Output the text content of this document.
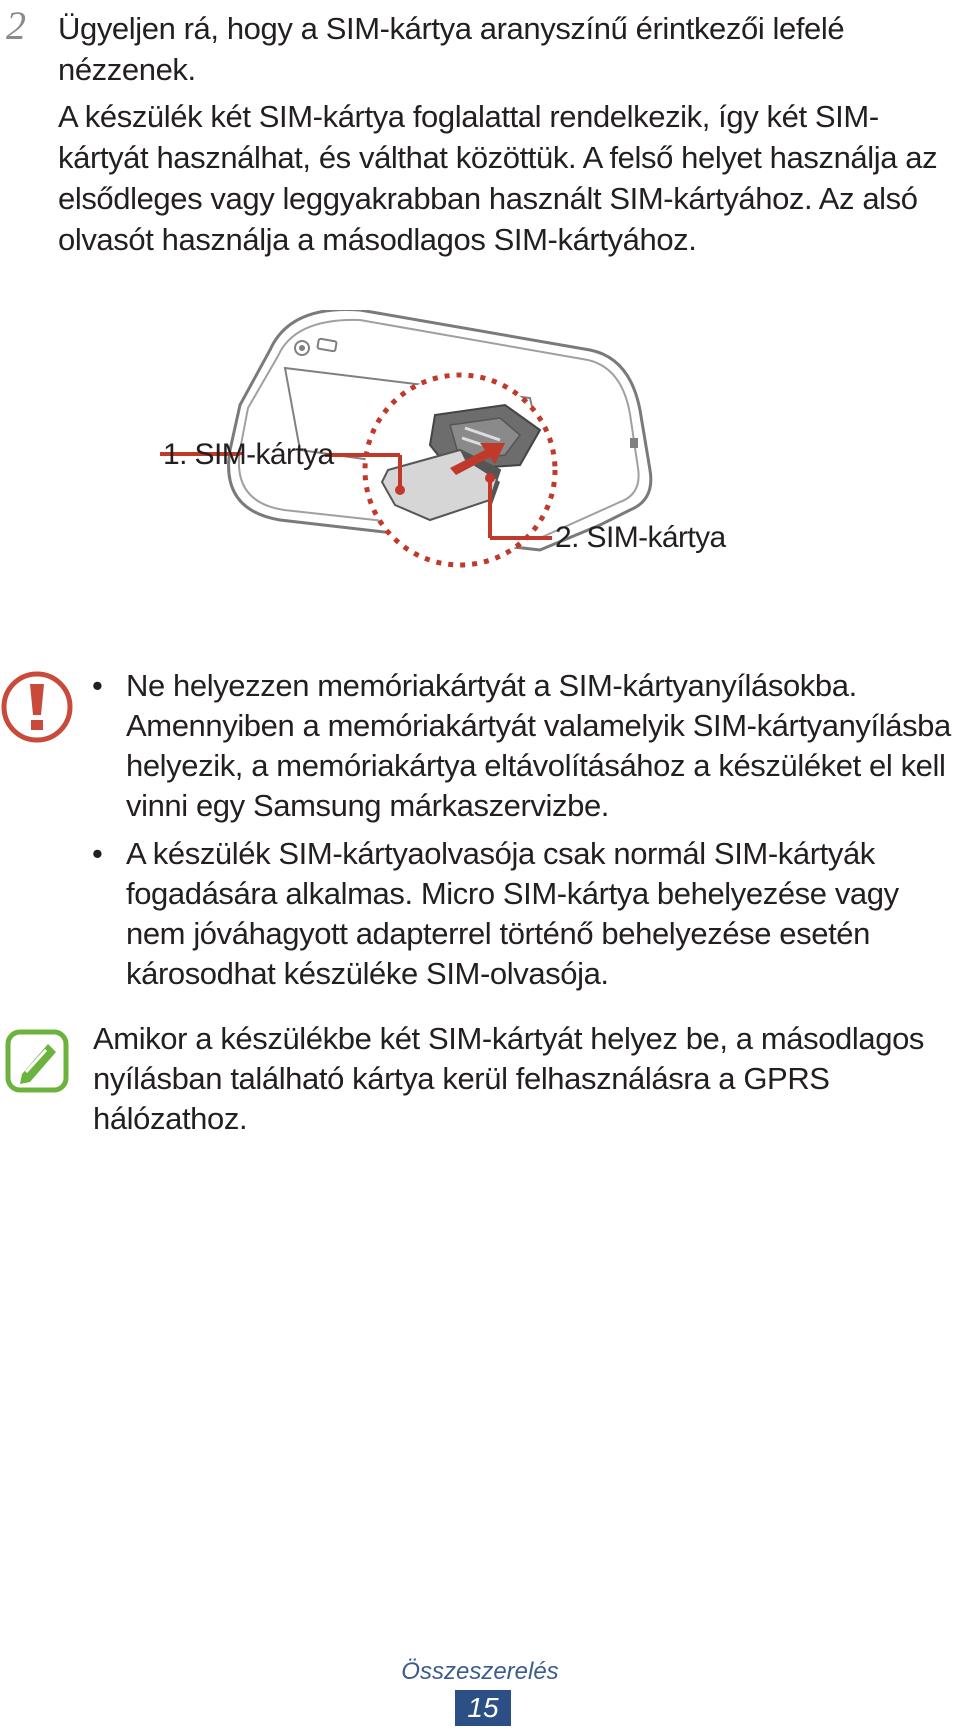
2 Ügyeljen rá, hogy a SIM-kártya aranyszínű érintkezői lefelé nézzenek.

A készülék két SIM-kártya foglalattal rendelkezik, így két SIM-kártyát használhat, és válthat közöttük. A felső helyet használja az elsődleges vagy leggyakrabban használt SIM-kártyához. Az alsó olvasót használja a másodlagos SIM-kártyához.

1. SIM-kártya
2. SIM-kártya
• Ne helyezzen memóriakártyát a SIM-kártyanyílásokba. Amennyiben a memóriakártyát valamelyik SIM-kártyanyílásba helyezik, a memóriakártya eltávolításához a készüléket el kell vinni egy Samsung márkaszervizbe.
• A készülék SIM-kártyaolvasója csak normál SIM-kártyák fogadására alkalmas. Micro SIM-kártya behelyezése vagy nem jóváhagyott adapterrel történő behelyezése esetén károsodhat készüléke SIM-olvasója.

Amikor a készülékbe két SIM-kártyát helyez be, a másodlagos nyílásban található kártya kerül felhasználásra a GPRS hálózathoz.

Összeszerelés
15
